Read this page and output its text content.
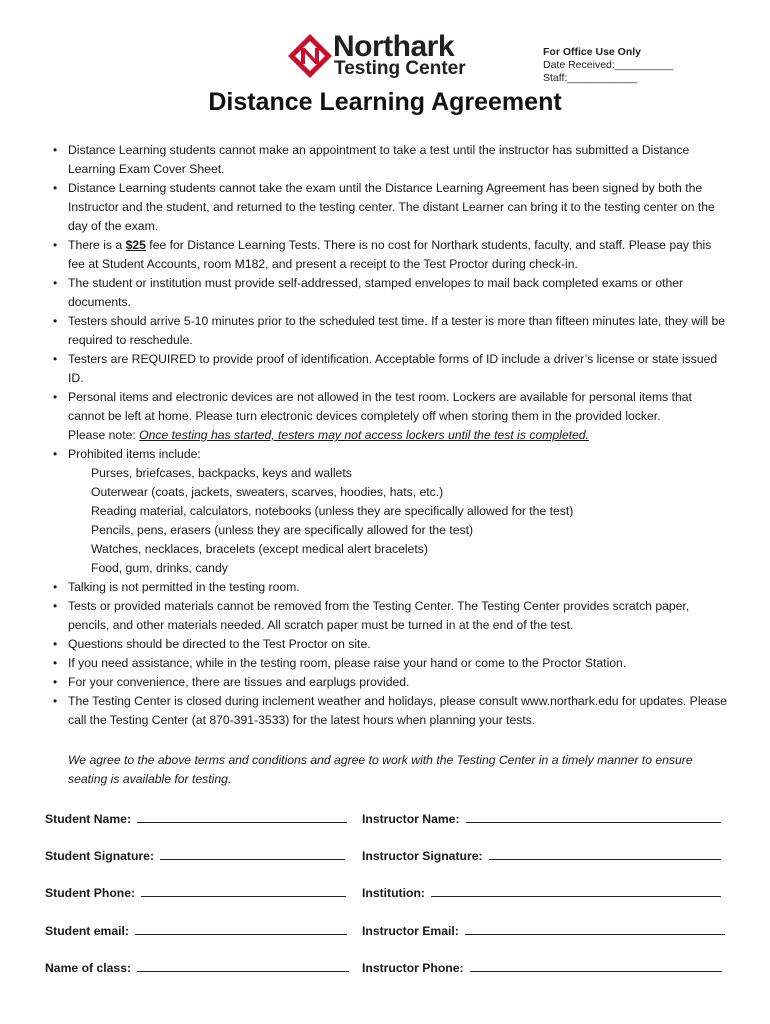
Northark
Testing Center
For Office Use Only
Date Received:__________
Staff:____________
Distance Learning Agreement
• Distance Learning students cannot make an appointment to take a test until the instructor has submitted a Distance Learning Exam Cover Sheet.
• Distance Learning students cannot take the exam until the Distance Learning Agreement has been signed by both the Instructor and the student, and returned to the testing center. The distant Learner can bring it to the testing center on the day of the exam.
• There is a $25 fee for Distance Learning Tests. There is no cost for Northark students, faculty, and staff. Please pay this fee at Student Accounts, room M182, and present a receipt to the Test Proctor during check-in.
• The student or institution must provide self-addressed, stamped envelopes to mail back completed exams or other documents.
• Testers should arrive 5-10 minutes prior to the scheduled test time. If a tester is more than fifteen minutes late, they will be required to reschedule.
• Testers are REQUIRED to provide proof of identification. Acceptable forms of ID include a driver’s license or state issued ID.
• Personal items and electronic devices are not allowed in the test room. Lockers are available for personal items that cannot be left at home. Please turn electronic devices completely off when storing them in the provided locker.
Please note: Once testing has started, testers may not access lockers until the test is completed.
• Prohibited items include:
Purses, briefcases, backpacks, keys and wallets
Outerwear (coats, jackets, sweaters, scarves, hoodies, hats, etc.)
Reading material, calculators, notebooks (unless they are specifically allowed for the test)
Pencils, pens, erasers (unless they are specifically allowed for the test)
Watches, necklaces, bracelets (except medical alert bracelets)
Food, gum, drinks, candy
• Talking is not permitted in the testing room.
• Tests or provided materials cannot be removed from the Testing Center. The Testing Center provides scratch paper, pencils, and other materials needed. All scratch paper must be turned in at the end of the test.
• Questions should be directed to the Test Proctor on site.
• If you need assistance, while in the testing room, please raise your hand or come to the Proctor Station.
• For your convenience, there are tissues and earplugs provided.
• The Testing Center is closed during inclement weather and holidays, please consult www.northark.edu for updates. Please call the Testing Center (at 870-391-3533) for the latest hours when planning your tests.
We agree to the above terms and conditions and agree to work with the Testing Center in a timely manner to ensure seating is available for testing.
Student Name:
Student Signature:
Student Phone:
Student email:
Name of class:
Instructor Name:
Instructor Signature:
Institution:
Instructor Email:
Instructor Phone:
